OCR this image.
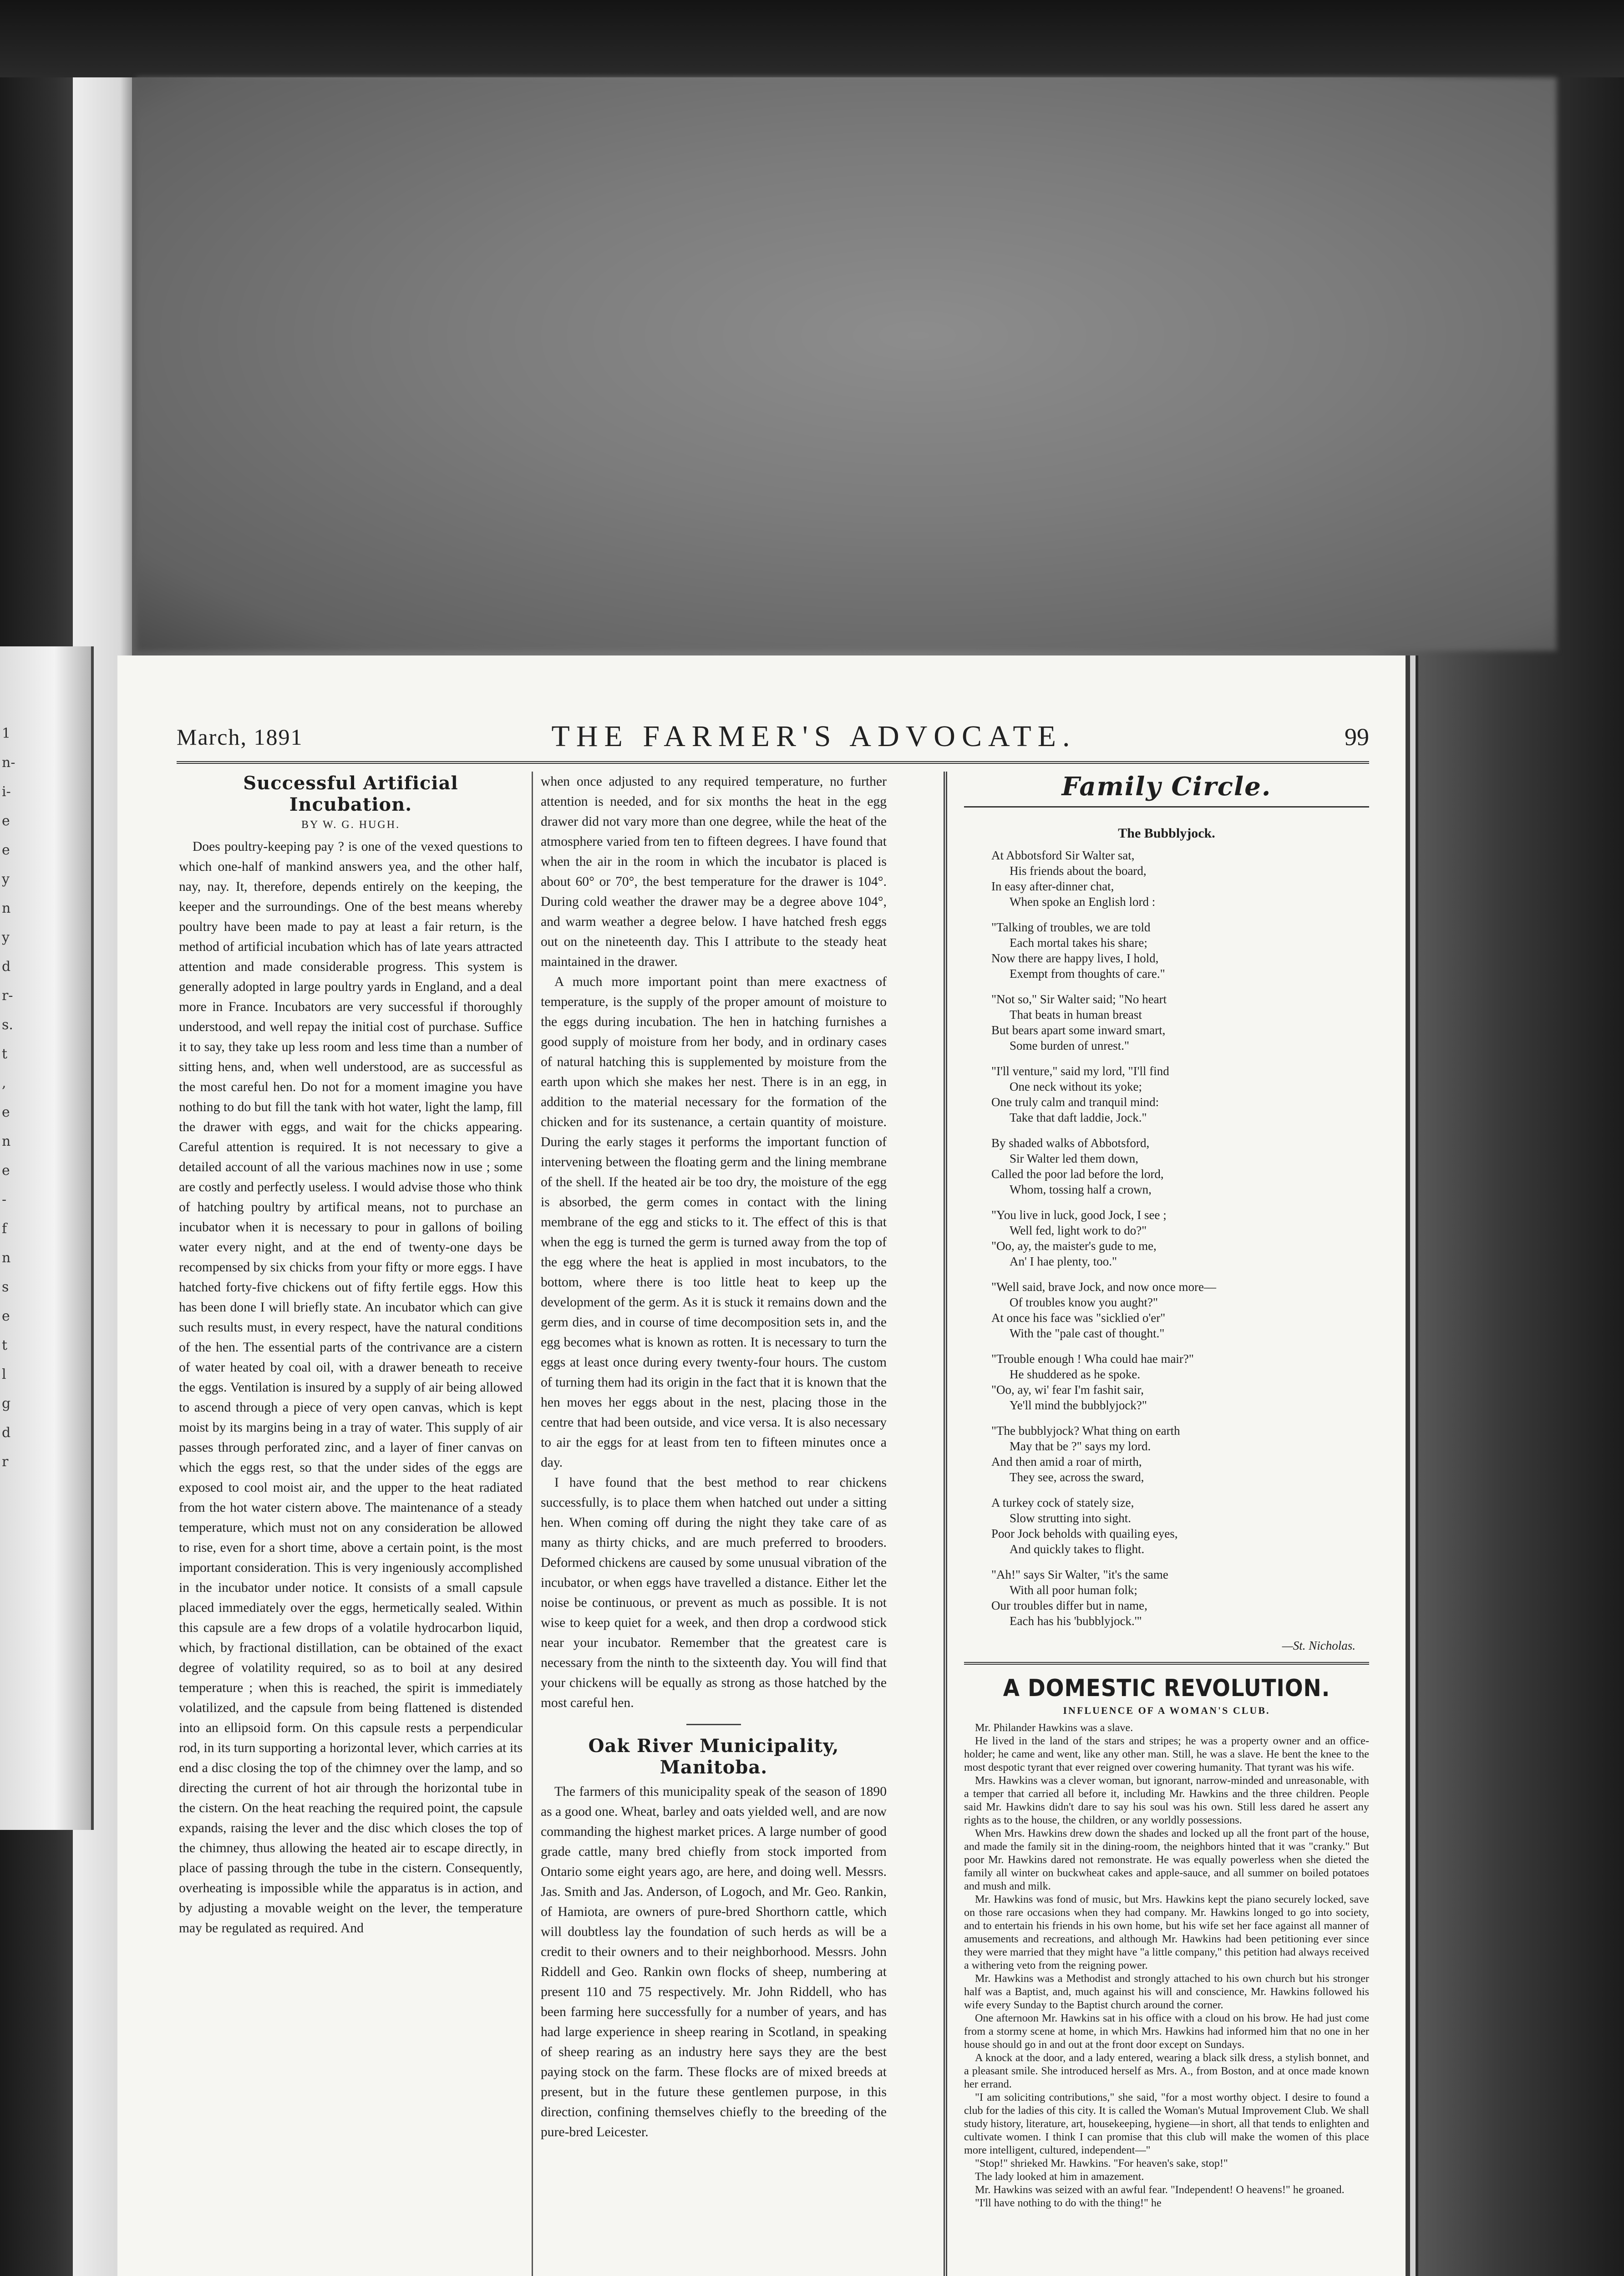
1
n-
i-
e
e
y
n
y
d
r-
s.
t
,
e
n
e
-
f
n
s
e
t
l
g
d
r
March, 1891	THE FARMER'S ADVOCATE.	99
Successful Artificial Incubation.
BY W. G. HUGH.

Does poultry-keeping pay ? is one of the vexed questions to which one-half of mankind answers yea, and the other half, nay, nay. It, therefore, depends entirely on the keeping, the keeper and the surroundings. One of the best means whereby poultry have been made to pay at least a fair return, is the method of artificial incubation which has of late years attracted attention and made considerable progress. This system is generally adopted in large poultry yards in England, and a deal more in France. Incubators are very successful if thoroughly understood, and well repay the initial cost of purchase. Suffice it to say, they take up less room and less time than a number of sitting hens, and, when well understood, are as successful as the most careful hen. Do not for a moment imagine you have nothing to do but fill the tank with hot water, light the lamp, fill the drawer with eggs, and wait for the chicks appearing. Careful attention is required. It is not necessary to give a detailed account of all the various machines now in use ; some are costly and perfectly useless. I would advise those who think of hatching poultry by artifical means, not to purchase an incubator when it is necessary to pour in gallons of boiling water every night, and at the end of twenty-one days be recompensed by six chicks from your fifty or more eggs. I have hatched forty-five chickens out of fifty fertile eggs. How this has been done I will briefly state. An incubator which can give such results must, in every respect, have the natural conditions of the hen. The essential parts of the contrivance are a cistern of water heated by coal oil, with a drawer beneath to receive the eggs. Ventilation is insured by a supply of air being allowed to ascend through a piece of very open canvas, which is kept moist by its margins being in a tray of water. This supply of air passes through perforated zinc, and a layer of finer canvas on which the eggs rest, so that the under sides of the eggs are exposed to cool moist air, and the upper to the heat radiated from the hot water cistern above. The maintenance of a steady temperature, which must not on any consideration be allowed to rise, even for a short time, above a certain point, is the most important consideration. This is very ingeniously accomplished in the incubator under notice. It consists of a small capsule placed immediately over the eggs, hermetically sealed. Within this capsule are a few drops of a volatile hydrocarbon liquid, which, by fractional distillation, can be obtained of the exact degree of volatility required, so as to boil at any desired temperature ; when this is reached, the spirit is immediately volatilized, and the capsule from being flattened is distended into an ellipsoid form. On this capsule rests a perpendicular rod, in its turn supporting a horizontal lever, which carries at its end a disc closing the top of the chimney over the lamp, and so directing the current of hot air through the horizontal tube in the cistern. On the heat reaching the required point, the capsule expands, raising the lever and the disc which closes the top of the chimney, thus allowing the heated air to escape directly, in place of passing through the tube in the cistern. Consequently, overheating is impossible while the apparatus is in action, and by adjusting a movable weight on the lever, the temperature may be regulated as required. And

when once adjusted to any required temperature, no further attention is needed, and for six months the heat in the egg drawer did not vary more than one degree, while the heat of the atmosphere varied from ten to fifteen degrees. I have found that when the air in the room in which the incubator is placed is about 60° or 70°, the best temperature for the drawer is 104°. During cold weather the drawer may be a degree above 104°, and warm weather a degree below. I have hatched fresh eggs out on the nineteenth day. This I attribute to the steady heat maintained in the drawer.

A much more important point than mere exactness of temperature, is the supply of the proper amount of moisture to the eggs during incubation. The hen in hatching furnishes a good supply of moisture from her body, and in ordinary cases of natural hatching this is supplemented by moisture from the earth upon which she makes her nest. There is in an egg, in addition to the material necessary for the formation of the chicken and for its sustenance, a certain quantity of moisture. During the early stages it performs the important function of intervening between the floating germ and the lining membrane of the shell. If the heated air be too dry, the moisture of the egg is absorbed, the germ comes in contact with the lining membrane of the egg and sticks to it. The effect of this is that when the egg is turned the germ is turned away from the top of the egg where the heat is applied in most incubators, to the bottom, where there is too little heat to keep up the development of the germ. As it is stuck it remains down and the germ dies, and in course of time decomposition sets in, and the egg becomes what is known as rotten. It is necessary to turn the eggs at least once during every twenty-four hours. The custom of turning them had its origin in the fact that it is known that the hen moves her eggs about in the nest, placing those in the centre that had been outside, and vice versa. It is also necessary to air the eggs for at least from ten to fifteen minutes once a day.

I have found that the best method to rear chickens successfully, is to place them when hatched out under a sitting hen. When coming off during the night they take care of as many as thirty chicks, and are much preferred to brooders. Deformed chickens are caused by some unusual vibration of the incubator, or when eggs have travelled a distance. Either let the noise be continuous, or prevent as much as possible. It is not wise to keep quiet for a week, and then drop a cordwood stick near your incubator. Remember that the greatest care is necessary from the ninth to the sixteenth day. You will find that your chickens will be equally as strong as those hatched by the most careful hen.

Oak River Municipality, Manitoba.

The farmers of this municipality speak of the season of 1890 as a good one. Wheat, barley and oats yielded well, and are now commanding the highest market prices. A large number of good grade cattle, many bred chiefly from stock imported from Ontario some eight years ago, are here, and doing well. Messrs. Jas. Smith and Jas. Anderson, of Logoch, and Mr. Geo. Rankin, of Hamiota, are owners of pure-bred Shorthorn cattle, which will doubtless lay the foundation of such herds as will be a credit to their owners and to their neighborhood. Messrs. John Riddell and Geo. Rankin own flocks of sheep, numbering at present 110 and 75 respectively. Mr. John Riddell, who has been farming here successfully for a number of years, and has had large experience in sheep rearing in Scotland, in speaking of sheep rearing as an industry here says they are the best paying stock on the farm. These flocks are of mixed breeds at present, but in the future these gentlemen purpose, in this direction, confining themselves chiefly to the breeding of the pure-bred Leicester.

Family Circle.
The Bubblyjock.
At Abbotsford Sir Walter sat,
His friends about the board,
In easy after-dinner chat,
When spoke an English lord :
"Talking of troubles, we are told
Each mortal takes his share;
Now there are happy lives, I hold,
Exempt from thoughts of care."
"Not so," Sir Walter said; "No heart
That beats in human breast
But bears apart some inward smart,
Some burden of unrest."
"I'll venture," said my lord, "I'll find
One neck without its yoke;
One truly calm and tranquil mind:
Take that daft laddie, Jock."
By shaded walks of Abbotsford,
Sir Walter led them down,
Called the poor lad before the lord,
Whom, tossing half a crown,
"You live in luck, good Jock, I see ;
Well fed, light work to do?"
"Oo, ay, the maister's gude to me,
An' I hae plenty, too."
"Well said, brave Jock, and now once more—
Of troubles know you aught?"
At once his face was "sicklied o'er"
With the "pale cast of thought."
"Trouble enough ! Wha could hae mair?"
He shuddered as he spoke.
"Oo, ay, wi' fear I'm fashit sair,
Ye'll mind the bubblyjock?"
"The bubblyjock? What thing on earth
May that be ?" says my lord.
And then amid a roar of mirth,
They see, across the sward,
A turkey cock of stately size,
Slow strutting into sight.
Poor Jock beholds with quailing eyes,
And quickly takes to flight.
"Ah!" says Sir Walter, "it's the same
With all poor human folk;
Our troubles differ but in name,
Each has his 'bubblyjock.'"
—St. Nicholas.
A DOMESTIC REVOLUTION.
INFLUENCE OF A WOMAN'S CLUB.

Mr. Philander Hawkins was a slave.

He lived in the land of the stars and stripes; he was a property owner and an office-holder; he came and went, like any other man. Still, he was a slave. He bent the knee to the most despotic tyrant that ever reigned over cowering humanity. That tyrant was his wife.

Mrs. Hawkins was a clever woman, but ignorant, narrow-minded and unreasonable, with a temper that carried all before it, including Mr. Hawkins and the three children. People said Mr. Hawkins didn't dare to say his soul was his own. Still less dared he assert any rights as to the house, the children, or any worldly possessions.

When Mrs. Hawkins drew down the shades and locked up all the front part of the house, and made the family sit in the dining-room, the neighbors hinted that it was "cranky." But poor Mr. Hawkins dared not remonstrate. He was equally powerless when she dieted the family all winter on buckwheat cakes and apple-sauce, and all summer on boiled potatoes and mush and milk.

Mr. Hawkins was fond of music, but Mrs. Hawkins kept the piano securely locked, save on those rare occasions when they had company. Mr. Hawkins longed to go into society, and to entertain his friends in his own home, but his wife set her face against all manner of amusements and recreations, and although Mr. Hawkins had been petitioning ever since they were married that they might have "a little company," this petition had always received a withering veto from the reigning power.

Mr. Hawkins was a Methodist and strongly attached to his own church but his stronger half was a Baptist, and, much against his will and conscience, Mr. Hawkins followed his wife every Sunday to the Baptist church around the corner.

One afternoon Mr. Hawkins sat in his office with a cloud on his brow. He had just come from a stormy scene at home, in which Mrs. Hawkins had informed him that no one in her house should go in and out at the front door except on Sundays.

A knock at the door, and a lady entered, wearing a black silk dress, a stylish bonnet, and a pleasant smile. She introduced herself as Mrs. A., from Boston, and at once made known her errand.

"I am soliciting contributions," she said, "for a most worthy object. I desire to found a club for the ladies of this city. It is called the Woman's Mutual Improvement Club. We shall study history, literature, art, housekeeping, hygiene—in short, all that tends to enlighten and cultivate women. I think I can promise that this club will make the women of this place more intelligent, cultured, independent—"

"Stop!" shrieked Mr. Hawkins. "For heaven's sake, stop!"

The lady looked at him in amazement.

Mr. Hawkins was seized with an awful fear. "Independent! O heavens!" he groaned.

"I'll have nothing to do with the thing!" he
